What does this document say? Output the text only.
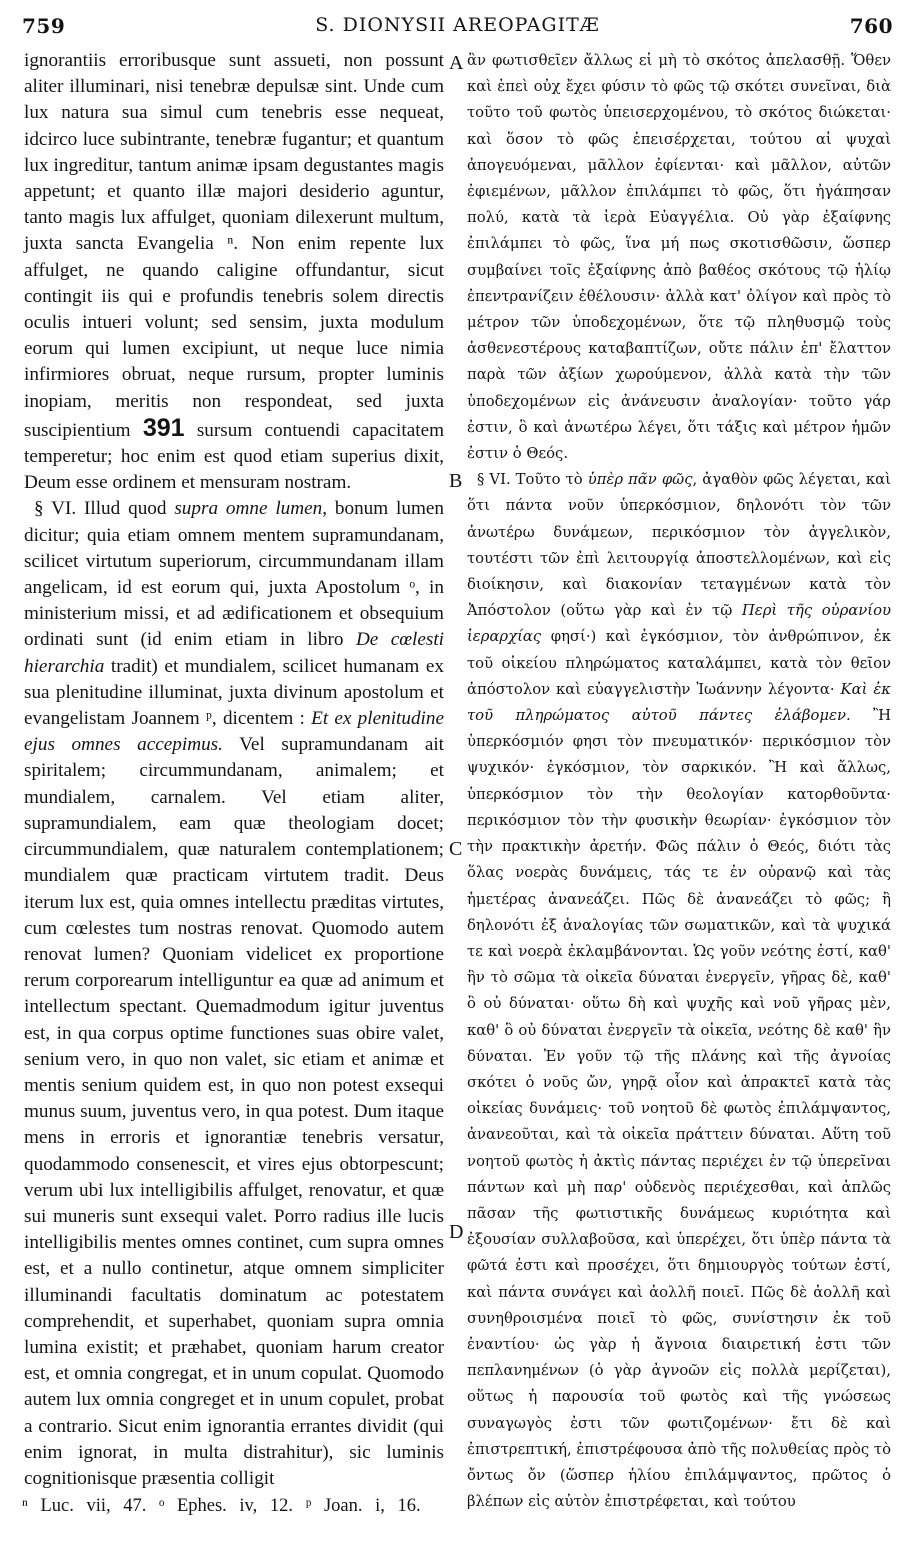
759	S. DIONYSII AREOPAGITÆ	760

ignorantiis erroribusque sunt assueti, non possunt aliter illuminari, nisi tenebræ depulsæ sint. Unde cum lux natura sua simul cum tenebris esse nequeat, idcirco luce subintrante, tenebræ fugantur; et quantum lux ingreditur, tantum animæ ipsam degustantes magis appetunt; et quanto illæ majori desiderio aguntur, tanto magis lux affulget, quoniam dilexerunt multum, juxta sancta Evangelia ⁿ. Non enim repente lux affulget, ne quando caligine offundantur, sicut contingit iis qui e profundis tenebris solem directis oculis intueri volunt; sed sensim, juxta modulum eorum qui lumen excipiunt, ut neque luce nimia infirmiores obruat, neque rursum, propter luminis inopiam, meritis non respondeat, sed juxta suscipientium 391 sursum contuendi capacitatem temperetur; hoc enim est quod etiam superius dixit, Deum esse ordinem et mensuram nostram.

§ VI. Illud quod supra omne lumen, bonum lumen dicitur; quia etiam omnem mentem supramundanam, scilicet virtutum superiorum, circummundanam illam angelicam, id est eorum qui, juxta Apostolum ᵒ, in ministerium missi, et ad ædificationem et obsequium ordinati sunt (id enim etiam in libro De cœlesti hierarchia tradit) et mundialem, scilicet humanam ex sua plenitudine illuminat, juxta divinum apostolum et evangelistam Joannem ᵖ, dicentem : Et ex plenitudine ejus omnes accepimus. Vel supramundanam ait spiritalem; circummundanam, animalem; et mundialem, carnalem. Vel etiam aliter, supramundialem, eam quæ theologiam docet; circummundialem, quæ naturalem contemplationem; mundialem quæ practicam virtutem tradit. Deus iterum lux est, quia omnes intellectu præditas virtutes, cum cœlestes tum nostras renovat. Quomodo autem renovat lumen? Quoniam videlicet ex proportione rerum corporearum intelliguntur ea quæ ad animum et intellectum spectant. Quemadmodum igitur juventus est, in qua corpus optime functiones suas obire valet, senium vero, in quo non valet, sic etiam et animæ et mentis senium quidem est, in quo non potest exsequi munus suum, juventus vero, in qua potest. Dum itaque mens in erroris et ignorantiæ tenebris versatur, quodammodo consenescit, et vires ejus obtorpescunt; verum ubi lux intelligibilis affulget, renovatur, et quæ sui muneris sunt exsequi valet. Porro radius ille lucis intelligibilis mentes omnes continet, cum supra omnes est, et a nullo continetur, atque omnem simpliciter illuminandi facultatis dominatum ac potestatem comprehendit, et superhabet, quoniam supra omnia lumina existit; et præhabet, quoniam harum creator est, et omnia congregat, et in unum copulat. Quomodo autem lux omnia congreget et in unum copulet, probat a contrario. Sicut enim ignorantia errantes dividit (qui enim ignorat, in multa distrahitur), sic luminis cognitionisque præsentia colligit

A
B
C
D

ἂν φωτισθεῖεν ἄλλως εἰ μὴ τὸ σκότος ἀπελασθῇ. Ὅθεν καὶ ἐπεὶ οὐχ ἔχει φύσιν τὸ φῶς τῷ σκότει συνεῖναι, διὰ τοῦτο τοῦ φωτὸς ὑπεισερχομένου, τὸ σκότος διώκεται· καὶ ὅσον τὸ φῶς ἐπεισέρχεται, τούτου αἱ ψυχαὶ ἀπογευόμεναι, μᾶλλον ἐφίενται· καὶ μᾶλλον, αὐτῶν ἐφιεμένων, μᾶλλον ἐπιλάμπει τὸ φῶς, ὅτι ἠγάπησαν πολύ, κατὰ τὰ ἱερὰ Εὐαγγέλια. Οὐ γὰρ ἐξαίφνης ἐπιλάμπει τὸ φῶς, ἵνα μή πως σκοτισθῶσιν, ὥσπερ συμβαίνει τοῖς ἐξαίφνης ἀπὸ βαθέος σκότους τῷ ἡλίῳ ἐπεντρανίζειν ἐθέλουσιν· ἀλλὰ κατ' ὀλίγον καὶ πρὸς τὸ μέτρον τῶν ὑποδεχομένων, ὅτε τῷ πληθυσμῷ τοὺς ἀσθενεστέρους καταβαπτίζων, οὔτε πάλιν ἐπ' ἔλαττον παρὰ τῶν ἀξίων χωρούμενον, ἀλλὰ κατὰ τὴν τῶν ὑποδεχομένων εἰς ἀνάνευσιν ἀναλογίαν· τοῦτο γάρ ἐστιν, ὃ καὶ ἀνωτέρω λέγει, ὅτι τάξις καὶ μέτρον ἡμῶν ἐστιν ὁ Θεός.

§ VI. Τοῦτο τὸ ὑπὲρ πᾶν φῶς, ἀγαθὸν φῶς λέγεται, καὶ ὅτι πάντα νοῦν ὑπερκόσμιον, δηλονότι τὸν τῶν ἀνωτέρω δυνάμεων, περικόσμιον τὸν ἀγγελικὸν, τουτέστι τῶν ἐπὶ λειτουργίᾳ ἀποστελλομένων, καὶ εἰς διοίκησιν, καὶ διακονίαν τεταγμένων κατὰ τὸν Ἀπόστολον (οὕτω γὰρ καὶ ἐν τῷ Περὶ τῆς οὐρανίου ἱεραρχίας φησί·) καὶ ἐγκόσμιον, τὸν ἀνθρώπινον, ἐκ τοῦ οἰκείου πληρώματος καταλάμπει, κατὰ τὸν θεῖον ἀπόστολον καὶ εὐαγγελιστὴν Ἰωάννην λέγοντα· Καὶ ἐκ τοῦ πληρώματος αὐτοῦ πάντες ἐλάβομεν. Ἢ ὑπερκόσμιόν φησι τὸν πνευματικόν· περικόσμιον τὸν ψυχικόν· ἐγκόσμιον, τὸν σαρκικόν. Ἢ καὶ ἄλλως, ὑπερκόσμιον τὸν τὴν θεολογίαν κατορθοῦντα· περικόσμιον τὸν τὴν φυσικὴν θεωρίαν· ἐγκόσμιον τὸν τὴν πρακτικὴν ἀρετήν. Φῶς πάλιν ὁ Θεός, διότι τὰς ὅλας νοερὰς δυνάμεις, τάς τε ἐν οὐρανῷ καὶ τὰς ἡμετέρας ἀνανεάζει. Πῶς δὲ ἀνανεάζει τὸ φῶς; ἢ δηλονότι ἐξ ἀναλογίας τῶν σωματικῶν, καὶ τὰ ψυχικά τε καὶ νοερὰ ἐκλαμβάνονται. Ὡς γοῦν νεότης ἐστί, καθ' ἣν τὸ σῶμα τὰ οἰκεῖα δύναται ἐνεργεῖν, γῆρας δὲ, καθ' ὃ οὐ δύναται· οὕτω δὴ καὶ ψυχῆς καὶ νοῦ γῆρας μὲν, καθ' ὃ οὐ δύναται ἐνεργεῖν τὰ οἰκεῖα, νεότης δὲ καθ' ἣν δύναται. Ἐν γοῦν τῷ τῆς πλάνης καὶ τῆς ἀγνοίας σκότει ὁ νοῦς ὤν, γηρᾷ οἷον καὶ ἀπρακτεῖ κατὰ τὰς οἰκείας δυνάμεις· τοῦ νοητοῦ δὲ φωτὸς ἐπιλάμψαντος, ἀνανεοῦται, καὶ τὰ οἰκεῖα πράττειν δύναται. Αὕτη τοῦ νοητοῦ φωτὸς ἡ ἀκτὶς πάντας περιέχει ἐν τῷ ὑπερεῖναι πάντων καὶ μὴ παρ' οὐδενὸς περιέχεσθαι, καὶ ἁπλῶς πᾶσαν τῆς φωτιστικῆς δυνάμεως κυριότητα καὶ ἐξουσίαν συλλαβοῦσα, καὶ ὑπερέχει, ὅτι ὑπὲρ πάντα τὰ φῶτά ἐστι καὶ προσέχει, ὅτι δημιουργὸς τούτων ἐστί, καὶ πάντα συνάγει καὶ ἀολλῆ ποιεῖ. Πῶς δὲ ἀολλῆ καὶ συνηθροισμένα ποιεῖ τὸ φῶς, συνίστησιν ἐκ τοῦ ἐναντίου· ὡς γὰρ ἡ ἄγνοια διαιρετική ἐστι τῶν πεπλανημένων (ὁ γὰρ ἀγνοῶν εἰς πολλὰ μερίζεται), οὕτως ἡ παρουσία τοῦ φωτὸς καὶ τῆς γνώσεως συναγωγὸς ἐστι τῶν φωτιζομένων· ἔτι δὲ καὶ ἐπιστρεπτική, ἐπιστρέφουσα ἀπὸ τῆς πολυθείας πρὸς τὸ ὄντως ὄν (ὥσπερ ἡλίου ἐπιλάμψαντος, πρῶτος ὁ βλέπων εἰς αὐτὸν ἐπιστρέφεται, καὶ τούτου

ⁿ Luc. vii, 47. ᵒ Ephes. iv, 12. ᵖ Joan. i, 16.
